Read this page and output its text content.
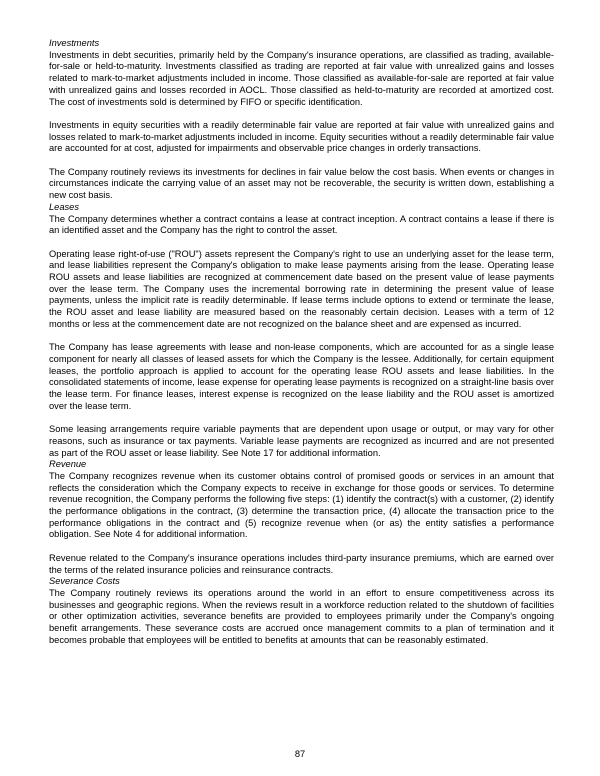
Investments
Investments in debt securities, primarily held by the Company's insurance operations, are classified as trading, available-for-sale or held-to-maturity. Investments classified as trading are reported at fair value with unrealized gains and losses related to mark-to-market adjustments included in income. Those classified as available-for-sale are reported at fair value with unrealized gains and losses recorded in AOCL. Those classified as held-to-maturity are recorded at amortized cost. The cost of investments sold is determined by FIFO or specific identification.
Investments in equity securities with a readily determinable fair value are reported at fair value with unrealized gains and losses related to mark-to-market adjustments included in income. Equity securities without a readily determinable fair value are accounted for at cost, adjusted for impairments and observable price changes in orderly transactions.
The Company routinely reviews its investments for declines in fair value below the cost basis. When events or changes in circumstances indicate the carrying value of an asset may not be recoverable, the security is written down, establishing a new cost basis.
Leases
The Company determines whether a contract contains a lease at contract inception. A contract contains a lease if there is an identified asset and the Company has the right to control the asset.
Operating lease right-of-use ("ROU") assets represent the Company's right to use an underlying asset for the lease term, and lease liabilities represent the Company's obligation to make lease payments arising from the lease. Operating lease ROU assets and lease liabilities are recognized at commencement date based on the present value of lease payments over the lease term. The Company uses the incremental borrowing rate in determining the present value of lease payments, unless the implicit rate is readily determinable. If lease terms include options to extend or terminate the lease, the ROU asset and lease liability are measured based on the reasonably certain decision. Leases with a term of 12 months or less at the commencement date are not recognized on the balance sheet and are expensed as incurred.
The Company has lease agreements with lease and non-lease components, which are accounted for as a single lease component for nearly all classes of leased assets for which the Company is the lessee. Additionally, for certain equipment leases, the portfolio approach is applied to account for the operating lease ROU assets and lease liabilities. In the consolidated statements of income, lease expense for operating lease payments is recognized on a straight-line basis over the lease term. For finance leases, interest expense is recognized on the lease liability and the ROU asset is amortized over the lease term.
Some leasing arrangements require variable payments that are dependent upon usage or output, or may vary for other reasons, such as insurance or tax payments. Variable lease payments are recognized as incurred and are not presented as part of the ROU asset or lease liability. See Note 17 for additional information.
Revenue
The Company recognizes revenue when its customer obtains control of promised goods or services in an amount that reflects the consideration which the Company expects to receive in exchange for those goods or services. To determine revenue recognition, the Company performs the following five steps: (1) identify the contract(s) with a customer, (2) identify the performance obligations in the contract, (3) determine the transaction price, (4) allocate the transaction price to the performance obligations in the contract and (5) recognize revenue when (or as) the entity satisfies a performance obligation. See Note 4 for additional information.
Revenue related to the Company's insurance operations includes third-party insurance premiums, which are earned over the terms of the related insurance policies and reinsurance contracts.
Severance Costs
The Company routinely reviews its operations around the world in an effort to ensure competitiveness across its businesses and geographic regions. When the reviews result in a workforce reduction related to the shutdown of facilities or other optimization activities, severance benefits are provided to employees primarily under the Company's ongoing benefit arrangements. These severance costs are accrued once management commits to a plan of termination and it becomes probable that employees will be entitled to benefits at amounts that can be reasonably estimated.
87
